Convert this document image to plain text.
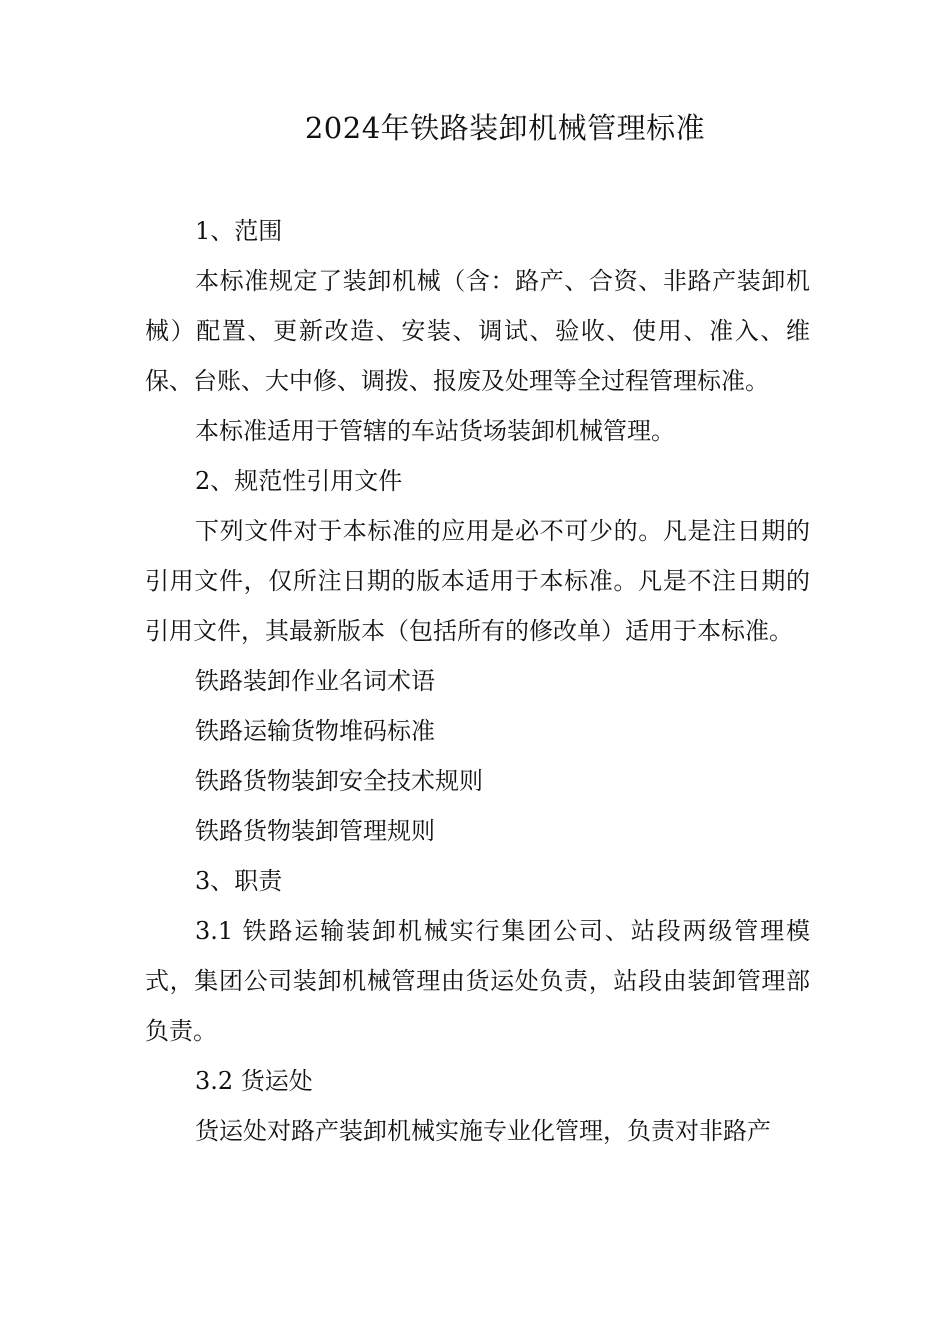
2024年铁路装卸机械管理标准

1、范围

本标准规定了装卸机械（含：路产、合资、非路产装卸机械）配置、更新改造、安装、调试、验收、使用、准入、维保、台账、大中修、调拨、报废及处理等全过程管理标准。

本标准适用于管辖的车站货场装卸机械管理。

2、规范性引用文件

下列文件对于本标准的应用是必不可少的。凡是注日期的引用文件，仅所注日期的版本适用于本标准。凡是不注日期的引用文件，其最新版本（包括所有的修改单）适用于本标准。

铁路装卸作业名词术语

铁路运输货物堆码标准

铁路货物装卸安全技术规则

铁路货物装卸管理规则

3、职责

3.1 铁路运输装卸机械实行集团公司、站段两级管理模式，集团公司装卸机械管理由货运处负责，站段由装卸管理部负责。

3.2 货运处

货运处对路产装卸机械实施专业化管理，负责对非路产
